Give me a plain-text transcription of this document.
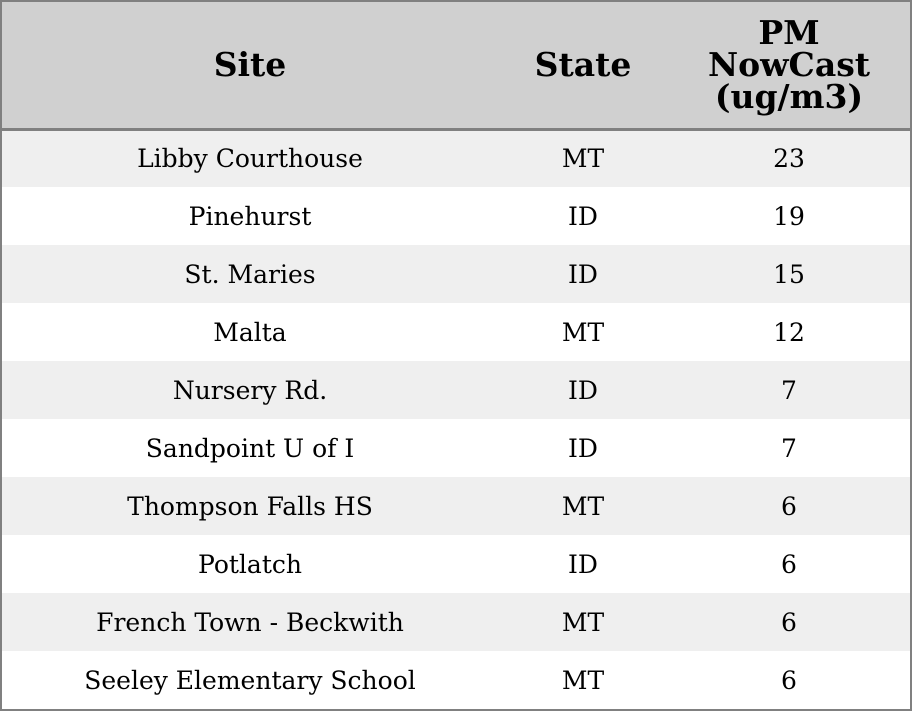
Site	State	PM
NowCast
(ug/m3)

Libby Courthouse	MT	23
Pinehurst	ID	19
St. Maries	ID	15
Malta	MT	12
Nursery Rd.	ID	7
Sandpoint U of I	ID	7
Thompson Falls HS	MT	6
Potlatch	ID	6
French Town - Beckwith	MT	6
Seeley Elementary School	MT	6
